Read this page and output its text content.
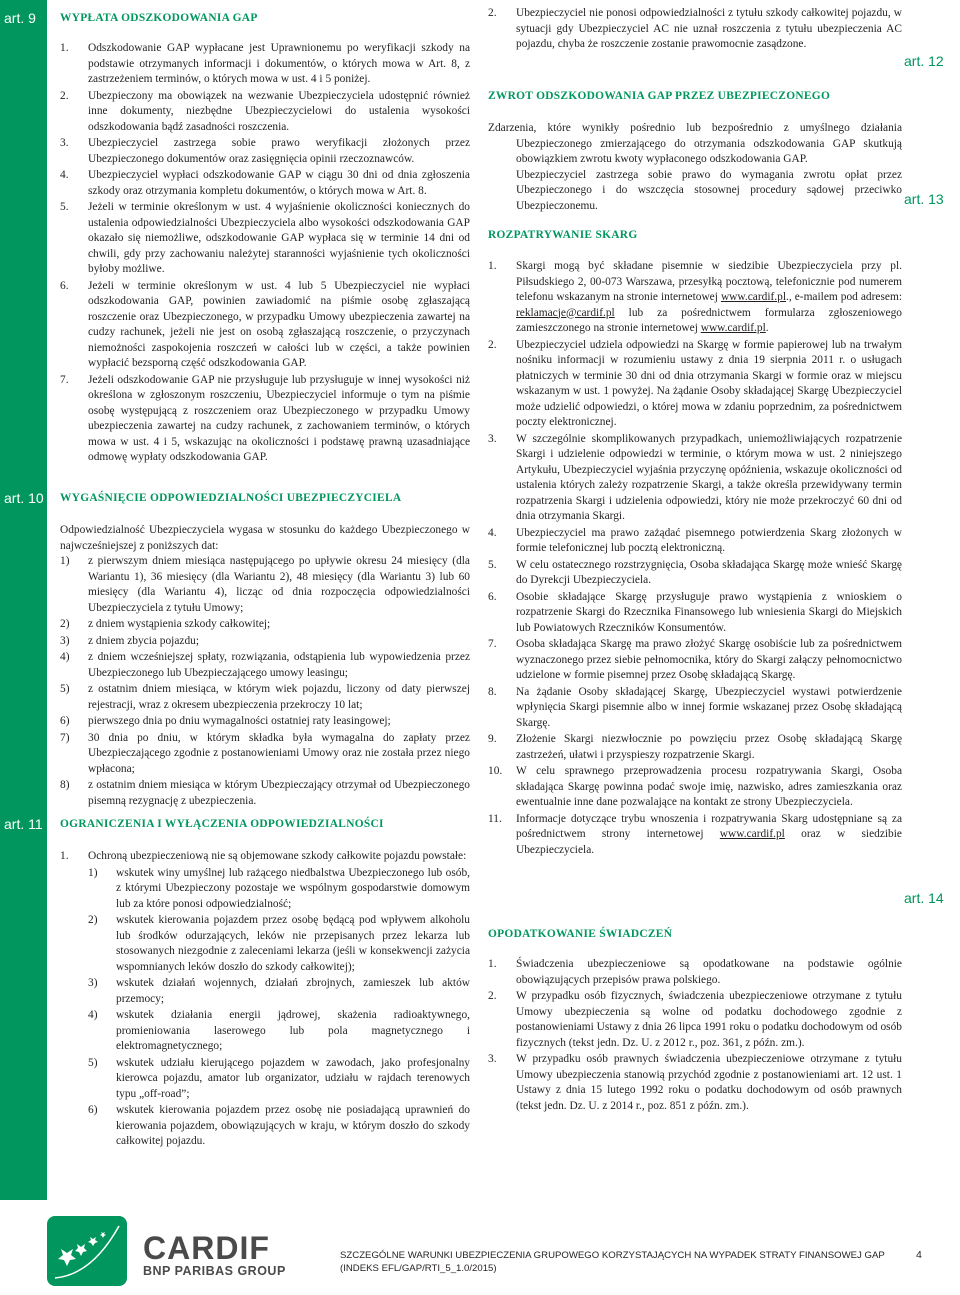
art. 9
art. 10
art. 11
art. 12
art. 13
art. 14
WYPŁATA ODSZKODOWANIA GAP
1. Odszkodowanie GAP wypłacane jest Uprawnionemu po weryfikacji szkody na podstawie otrzymanych informacji i dokumentów, o których mowa w Art. 8, z zastrzeżeniem terminów, o których mowa w ust. 4 i 5 poniżej.
2. Ubezpieczony ma obowiązek na wezwanie Ubezpieczyciela udostępnić również inne dokumenty, niezbędne Ubezpieczycielowi do ustalenia wysokości odszkodowania bądź zasadności roszczenia.
3. Ubezpieczyciel zastrzega sobie prawo weryfikacji złożonych przez Ubezpieczonego dokumentów oraz zasięgnięcia opinii rzeczoznawców.
4. Ubezpieczyciel wypłaci odszkodowanie GAP w ciągu 30 dni od dnia zgłoszenia szkody oraz otrzymania kompletu dokumentów, o których mowa w Art. 8.
5. Jeżeli w terminie określonym w ust. 4 wyjaśnienie okoliczności koniecznych do ustalenia odpowiedzialności Ubezpieczyciela albo wysokości odszkodowania GAP okazało się niemożliwe, odszkodowanie GAP wypłaca się w terminie 14 dni od chwili, gdy przy zachowaniu należytej staranności wyjaśnienie tych okoliczności byłoby możliwe.
6. Jeżeli w terminie określonym w ust. 4 lub 5 Ubezpieczyciel nie wypłaci odszkodowania GAP, powinien zawiadomić na piśmie osobę zgłaszającą roszczenie oraz Ubezpieczonego, w przypadku Umowy ubezpieczenia zawartej na cudzy rachunek, jeżeli nie jest on osobą zgłaszającą roszczenie, o przyczynach niemożności zaspokojenia roszczeń w całości lub w części, a także powinien wypłacić bezsporną część odszkodowania GAP.
7. Jeżeli odszkodowanie GAP nie przysługuje lub przysługuje w innej wysokości niż określona w zgłoszonym roszczeniu, Ubezpieczyciel informuje o tym na piśmie osobę występującą z roszczeniem oraz Ubezpieczonego w przypadku Umowy ubezpieczenia zawartej na cudzy rachunek, z zachowaniem terminów, o których mowa w ust. 4 i 5, wskazując na okoliczności i podstawę prawną uzasadniające odmowę wypłaty odszkodowania GAP.
WYGAŚNIĘCIE ODPOWIEDZIALNOŚCI UBEZPIECZYCIELA

Odpowiedzialność Ubezpieczyciela wygasa w stosunku do każdego Ubezpieczonego w najwcześniejszej z poniższych dat:

1) z pierwszym dniem miesiąca następującego po upływie okresu 24 miesięcy (dla Wariantu 1), 36 miesięcy (dla Wariantu 2), 48 miesięcy (dla Wariantu 3) lub 60 miesięcy (dla Wariantu 4), licząc od dnia rozpoczęcia odpowiedzialności Ubezpieczyciela z tytułu Umowy;
2) z dniem wystąpienia szkody całkowitej;
3) z dniem zbycia pojazdu;
4) z dniem wcześniejszej spłaty, rozwiązania, odstąpienia lub wypowiedzenia przez Ubezpieczonego lub Ubezpieczającego umowy leasingu;
5) z ostatnim dniem miesiąca, w którym wiek pojazdu, liczony od daty pierwszej rejestracji, wraz z okresem ubezpieczenia przekroczy 10 lat;
6) pierwszego dnia po dniu wymagalności ostatniej raty leasingowej;
7) 30 dnia po dniu, w którym składka była wymagalna do zapłaty przez Ubezpieczającego zgodnie z postanowieniami Umowy oraz nie została przez niego wpłacona;
8) z ostatnim dniem miesiąca w którym Ubezpieczający otrzymał od Ubezpieczonego pisemną rezygnację z ubezpieczenia.
OGRANICZENIA I WYŁĄCZENIA ODPOWIEDZIALNOŚCI
1. Ochroną ubezpieczeniową nie są objemowane szkody całkowite pojazdu powstałe:
1) wskutek winy umyślnej lub rażącego niedbalstwa Ubezpieczonego lub osób, z którymi Ubezpieczony pozostaje we wspólnym gospodarstwie domowym lub za które ponosi odpowiedzialność;
2) wskutek kierowania pojazdem przez osobę będącą pod wpływem alkoholu lub środków odurzających, leków nie przepisanych przez lekarza lub stosowanych niezgodnie z zaleceniami lekarza (jeśli w konsekwencji zażycia wspomnianych leków doszło do szkody całkowitej);
3) wskutek działań wojennych, działań zbrojnych, zamieszek lub aktów przemocy;
4) wskutek działania energii jądrowej, skażenia radioaktywnego, promieniowania laserowego lub pola magnetycznego i elektromagnetycznego;
5) wskutek udziału kierującego pojazdem w zawodach, jako profesjonalny kierowca pojazdu, amator lub organizator, udziału w rajdach terenowych typu „off-road”;
6) wskutek kierowania pojazdem przez osobę nie posiadającą uprawnień do kierowania pojazdem, obowiązujących w kraju, w którym doszło do szkody całkowitej pojazdu.
2. Ubezpieczyciel nie ponosi odpowiedzialności z tytułu szkody całkowitej pojazdu, w sytuacji gdy Ubezpieczyciel AC nie uznał roszczenia z tytułu ubezpieczenia AC pojazdu, chyba że roszczenie zostanie prawomocnie zasądzone.
ZWROT ODSZKODOWANIA GAP PRZEZ UBEZPIECZONEGO

Zdarzenia, które wynikły pośrednio lub bezpośrednio z umyślnego działania Ubezpieczonego zmierzającego do otrzymania odszkodowania GAP skutkują obowiązkiem zwrotu kwoty wypłaconego odszkodowania GAP.

Ubezpieczyciel zastrzega sobie prawo do wymagania zwrotu opłat przez Ubezpieczonego i do wszczęcia stosownej procedury sądowej przeciwko Ubezpieczonemu.

ROZPATRYWANIE SKARG
1. Skargi mogą być składane pisemnie w siedzibie Ubezpieczyciela przy pl. Piłsudskiego 2, 00-073 Warszawa, przesyłką pocztową, telefonicznie pod numerem telefonu wskazanym na stronie internetowej www.cardif.pl., e-mailem pod adresem: reklamacje@cardif.pl lub za pośrednictwem formularza zgłoszeniowego zamieszczonego na stronie internetowej www.cardif.pl.
2. Ubezpieczyciel udziela odpowiedzi na Skargę w formie papierowej lub na trwałym nośniku informacji w rozumieniu ustawy z dnia 19 sierpnia 2011 r. o usługach płatniczych w terminie 30 dni od dnia otrzymania Skargi w formie oraz w miejscu wskazanym w ust. 1 powyżej. Na żądanie Osoby składającej Skargę Ubezpieczyciel może udzielić odpowiedzi, o której mowa w zdaniu poprzednim, za pośrednictwem poczty elektronicznej.
3. W szczególnie skomplikowanych przypadkach, uniemożliwiających rozpatrzenie Skargi i udzielenie odpowiedzi w terminie, o którym mowa w ust. 2 niniejszego Artykułu, Ubezpieczyciel wyjaśnia przyczynę opóźnienia, wskazuje okoliczności od ustalenia których zależy rozpatrzenie Skargi, a także określa przewidywany termin rozpatrzenia Skargi i udzielenia odpowiedzi, który nie może przekroczyć 60 dni od dnia otrzymania Skargi.
4. Ubezpieczyciel ma prawo zażądać pisemnego potwierdzenia Skarg złożonych w formie telefonicznej lub pocztą elektroniczną.
5. W celu ostatecznego rozstrzygnięcia, Osoba składająca Skargę może wnieść Skargę do Dyrekcji Ubezpieczyciela.
6. Osobie składające Skargę przysługuje prawo wystąpienia z wnioskiem o rozpatrzenie Skargi do Rzecznika Finansowego lub wniesienia Skargi do Miejskich lub Powiatowych Rzeczników Konsumentów.
7. Osoba składająca Skargę ma prawo złożyć Skargę osobiście lub za pośrednictwem wyznaczonego przez siebie pełnomocnika, który do Skargi załączy pełnomocnictwo udzielone w formie pisemnej przez Osobę składającą Skargę.
8. Na żądanie Osoby składającej Skargę, Ubezpieczyciel wystawi potwierdzenie wpłynięcia Skargi pisemnie albo w innej formie wskazanej przez Osobę składającą Skargę.
9. Złożenie Skargi niezwłocznie po powzięciu przez Osobę składającą Skargę zastrzeżeń, ułatwi i przyspieszy rozpatrzenie Skargi.
10. W celu sprawnego przeprowadzenia procesu rozpatrywania Skargi, Osoba składająca Skargę powinna podać swoje imię, nazwisko, adres zamieszkania oraz ewentualnie inne dane pozwalające na kontakt ze strony Ubezpieczyciela.
11. Informacje dotyczące trybu wnoszenia i rozpatrywania Skarg udostępniane są za pośrednictwem strony internetowej www.cardif.pl oraz w siedzibie Ubezpieczyciela.
OPODATKOWANIE ŚWIADCZEŃ
1. Świadczenia ubezpieczeniowe są opodatkowane na podstawie ogólnie obowiązujących przepisów prawa polskiego.
2. W przypadku osób fizycznych, świadczenia ubezpieczeniowe otrzymane z tytułu Umowy ubezpieczenia są wolne od podatku dochodowego zgodnie z postanowieniami Ustawy z dnia 26 lipca 1991 roku o podatku dochodowym od osób fizycznych (tekst jedn. Dz. U. z 2012 r., poz. 361, z późn. zm.).
3. W przypadku osób prawnych świadczenia ubezpieczeniowe otrzymane z tytułu Umowy ubezpieczenia stanowią przychód zgodnie z postanowieniami art. 12 ust. 1 Ustawy z dnia 15 lutego 1992 roku o podatku dochodowym od osób prawnych (tekst jedn. Dz. U. z 2014 r., poz. 851 z późn. zm.).
CARDIF
BNP PARIBAS GROUP
SZCZEGÓLNE WARUNKI UBEZPIECZENIA GRUPOWEGO KORZYSTAJĄCYCH NA WYPADEK STRATY FINANSOWEJ GAP
(INDEKS EFL/GAP/RTI_5_1.0/2015)
4
